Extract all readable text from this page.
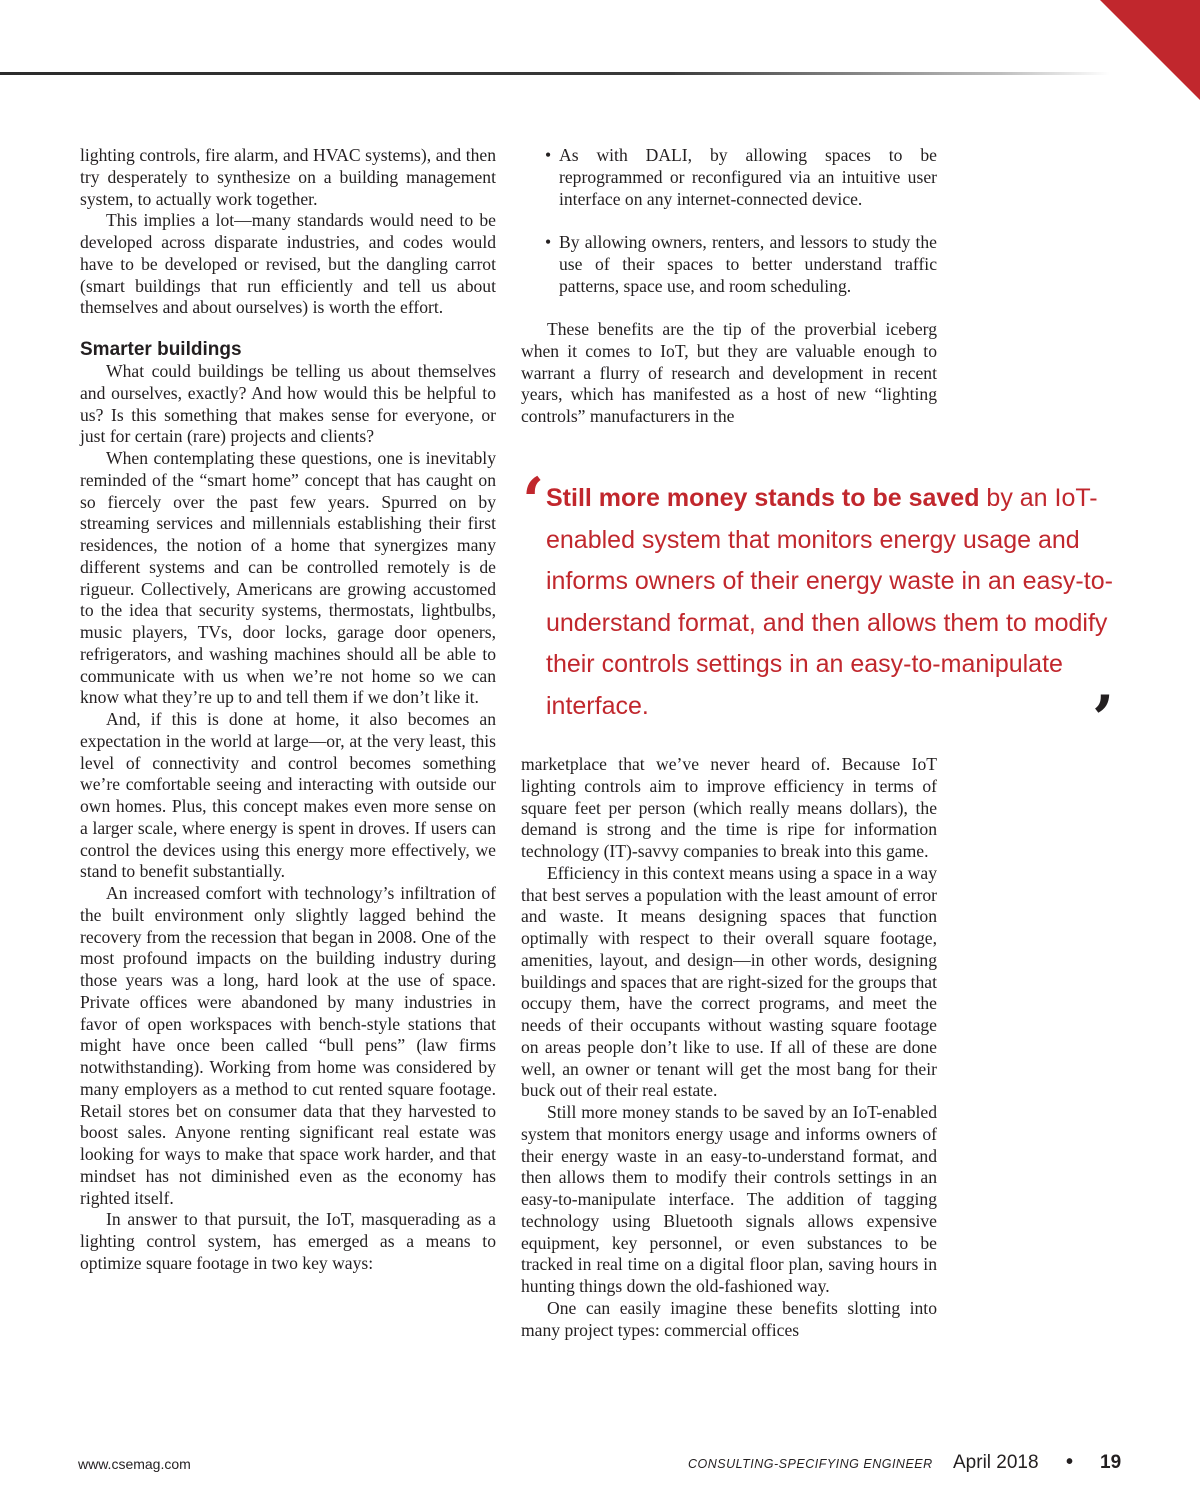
lighting controls, fire alarm, and HVAC systems), and then try desperately to synthesize on a building management system, to actually work together.

This implies a lot—many standards would need to be developed across disparate industries, and codes would have to be developed or revised, but the dangling carrot (smart buildings that run efficiently and tell us about themselves and about ourselves) is worth the effort.

Smarter buildings

What could buildings be telling us about themselves and ourselves, exactly? And how would this be helpful to us? Is this something that makes sense for everyone, or just for certain (rare) projects and clients?

When contemplating these questions, one is inevitably reminded of the “smart home” concept that has caught on so fiercely over the past few years. Spurred on by streaming services and millennials establishing their first residences, the notion of a home that synergizes many different systems and can be controlled remotely is de rigueur. Collectively, Americans are growing accustomed to the idea that security systems, thermostats, lightbulbs, music players, TVs, door locks, garage door openers, refrigerators, and washing machines should all be able to communicate with us when we’re not home so we can know what they’re up to and tell them if we don’t like it.

And, if this is done at home, it also becomes an expectation in the world at large—or, at the very least, this level of connectivity and control becomes something we’re comfortable seeing and interacting with outside our own homes. Plus, this concept makes even more sense on a larger scale, where energy is spent in droves. If users can control the devices using this energy more effectively, we stand to benefit substantially.

An increased comfort with technology’s infiltration of the built environment only slightly lagged behind the recovery from the recession that began in 2008. One of the most profound impacts on the building industry during those years was a long, hard look at the use of space. Private offices were abandoned by many industries in favor of open workspaces with bench-style stations that might have once been called “bull pens” (law firms notwithstanding). Working from home was considered by many employers as a method to cut rented square footage. Retail stores bet on consumer data that they harvested to boost sales. Anyone renting significant real estate was looking for ways to make that space work harder, and that mindset has not diminished even as the economy has righted itself.

In answer to that pursuit, the IoT, masquerading as a lighting control system, has emerged as a means to optimize square footage in two key ways:

• As with DALI, by allowing spaces to be reprogrammed or reconfigured via an intuitive user interface on any internet-connected device.
• By allowing owners, renters, and lessors to study the use of their spaces to better understand traffic patterns, space use, and room scheduling.

These benefits are the tip of the proverbial iceberg when it comes to IoT, but they are valuable enough to warrant a flurry of research and development in recent years, which has manifested as a host of new “lighting controls” manufacturers in the

‘ Still more money stands to be saved by an IoT-enabled system that monitors energy usage and informs owners of their energy waste in an easy-to-understand format, and then allows them to modify their controls settings in an easy-to-manipulate interface.	’

marketplace that we’ve never heard of. Because IoT lighting controls aim to improve efficiency in terms of square feet per person (which really means dollars), the demand is strong and the time is ripe for information technology (IT)-savvy companies to break into this game.

Efficiency in this context means using a space in a way that best serves a population with the least amount of error and waste. It means designing spaces that function optimally with respect to their overall square footage, amenities, layout, and design—in other words, designing buildings and spaces that are right-sized for the groups that occupy them, have the correct programs, and meet the needs of their occupants without wasting square footage on areas people don’t like to use. If all of these are done well, an owner or tenant will get the most bang for their buck out of their real estate.

Still more money stands to be saved by an IoT-enabled system that monitors energy usage and informs owners of their energy waste in an easy-to-understand format, and then allows them to modify their controls settings in an easy-to-manipulate interface. The addition of tagging technology using Bluetooth signals allows expensive equipment, key personnel, or even substances to be tracked in real time on a digital floor plan, saving hours in hunting things down the old-fashioned way.

One can easily imagine these benefits slotting into many project types: commercial offices

www.csemag.com	CONSULTING-SPECIFYING ENGINEER April 2018 • 19
